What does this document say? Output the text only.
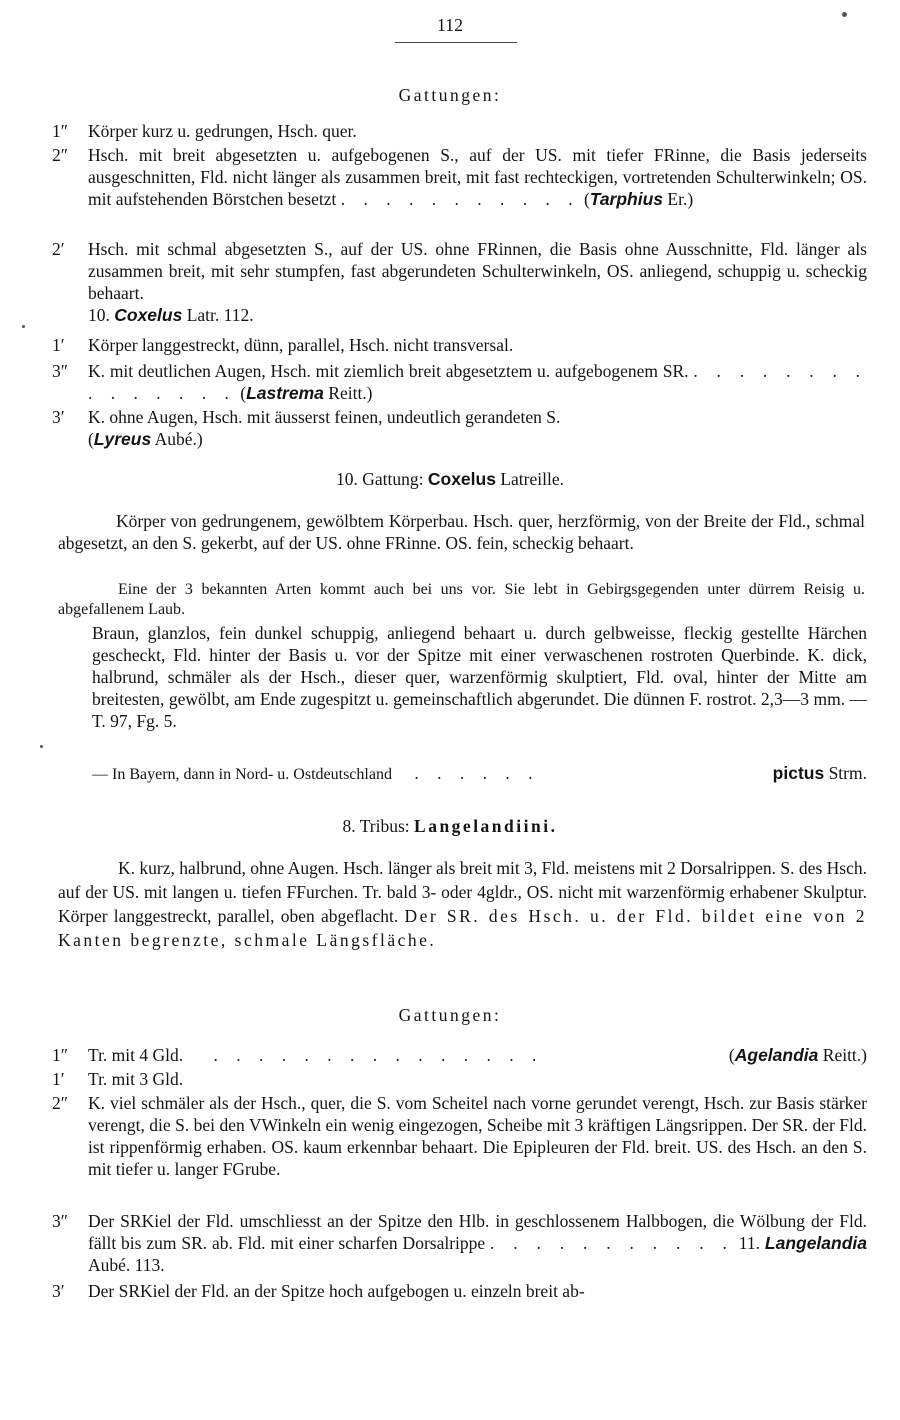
112
Gattungen:
1″	Körper kurz u. gedrungen, Hsch. quer.
2″	Hsch. mit breit abgesetzten u. aufgebogenen S., auf der US. mit tiefer FRinne, die Basis jederseits ausgeschnitten, Fld. nicht länger als zusammen breit, mit fast rechteckigen, vortretenden Schulterwinkeln; OS. mit aufstehenden Börstchen besetzt . . . . . . . . . . . (Tarphius Er.)
2′	Hsch. mit schmal abgesetzten S., auf der US. ohne FRinnen, die Basis ohne Ausschnitte, Fld. länger als zusammen breit, mit sehr stumpfen, fast abgerundeten Schulterwinkeln, OS. anliegend, schuppig u. scheckig behaart.
10. Coxelus Latr. 112.
1′	Körper langgestreckt, dünn, parallel, Hsch. nicht transversal.
3″	K. mit deutlichen Augen, Hsch. mit ziemlich breit abgesetztem u. aufgebogenem SR. . . . . . . . . . . . . . . . (Lastrema Reitt.)
3′	K. ohne Augen, Hsch. mit äusserst feinen, undeutlich gerandeten S.
(Lyreus Aubé.)
10. Gattung: Coxelus Latreille.
Körper von gedrungenem, gewölbtem Körperbau. Hsch. quer, herzförmig, von der Breite der Fld., schmal abgesetzt, an den S. gekerbt, auf der US. ohne FRinne. OS. fein, scheckig behaart.
Eine der 3 bekannten Arten kommt auch bei uns vor. Sie lebt in Gebirgsgegenden unter dürrem Reisig u. abgefallenem Laub.
Braun, glanzlos, fein dunkel schuppig, anliegend behaart u. durch gelbweisse, fleckig gestellte Härchen gescheckt, Fld. hinter der Basis u. vor der Spitze mit einer verwaschenen rostroten Querbinde. K. dick, halbrund, schmäler als der Hsch., dieser quer, warzenförmig skulptiert, Fld. oval, hinter der Mitte am breitesten, gewölbt, am Ende zugespitzt u. gemeinschaftlich abgerundet. Die dünnen F. rostrot. 2,3—3 mm. — T. 97, Fg. 5.
— In Bayern, dann in Nord- u. Ostdeutschland . . . . . .	pictus Strm.
8. Tribus: Langelandiini.
K. kurz, halbrund, ohne Augen. Hsch. länger als breit mit 3, Fld. meistens mit 2 Dorsalrippen. S. des Hsch. auf der US. mit langen u. tiefen FFurchen. Tr. bald 3- oder 4gldr., OS. nicht mit warzenförmig erhabener Skulptur. Körper langgestreckt, parallel, oben abgeflacht. Der SR. des Hsch. u. der Fld. bildet eine von 2 Kanten begrenzte, schmale Längsfläche.
Gattungen:
1″	Tr. mit 4 Gld. . . . . . . . . . . . . . . .	(Agelandia Reitt.)
1′	Tr. mit 3 Gld.
2″	K. viel schmäler als der Hsch., quer, die S. vom Scheitel nach vorne gerundet verengt, Hsch. zur Basis stärker verengt, die S. bei den VWinkeln ein wenig eingezogen, Scheibe mit 3 kräftigen Längsrippen. Der SR. der Fld. ist rippenförmig erhaben. OS. kaum erkennbar behaart. Die Epipleuren der Fld. breit. US. des Hsch. an den S. mit tiefer u. langer FGrube.
3″	Der SRKiel der Fld. umschliesst an der Spitze den Hlb. in geschlossenem Halbbogen, die Wölbung der Fld. fällt bis zum SR. ab. Fld. mit einer scharfen Dorsalrippe . . . . . . . . . . . 11. Langelandia Aubé. 113.
3′	Der SRKiel der Fld. an der Spitze hoch aufgebogen u. einzeln breit ab-
